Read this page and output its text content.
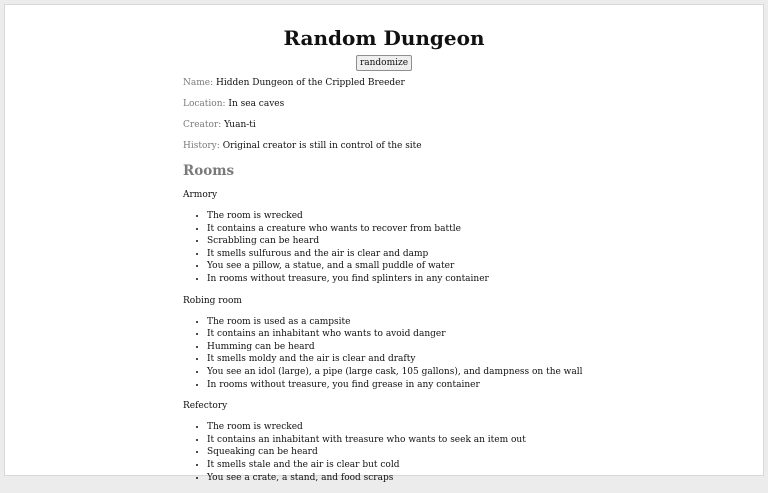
Random Dungeon
randomize

Name: Hidden Dungeon of the Crippled Breeder

Location: In sea caves

Creator: Yuan-ti

History: Original creator is still in control of the site

Rooms

Armory

• The room is wrecked
• It contains a creature who wants to recover from battle
• Scrabbling can be heard
• It smells sulfurous and the air is clear and damp
• You see a pillow, a statue, and a small puddle of water
• In rooms without treasure, you find splinters in any container

Robing room

• The room is used as a campsite
• It contains an inhabitant who wants to avoid danger
• Humming can be heard
• It smells moldy and the air is clear and drafty
• You see an idol (large), a pipe (large cask, 105 gallons), and dampness on the wall
• In rooms without treasure, you find grease in any container

Refectory

• The room is wrecked
• It contains an inhabitant with treasure who wants to seek an item out
• Squeaking can be heard
• It smells stale and the air is clear but cold
• You see a crate, a stand, and food scraps
